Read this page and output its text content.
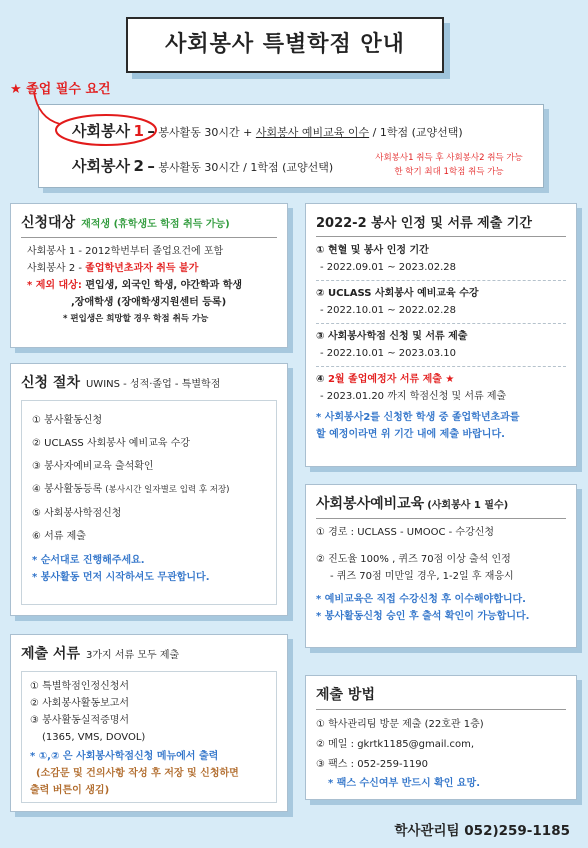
사회봉사 특별학점 안내
★ 졸업 필수 요건
사회봉사 1 – 봉사활동 30시간 + 사회봉사 예비교육 이수 / 1학점 (교양선택)
사회봉사 2 – 봉사활동 30시간 / 1학점 (교양선택)
사회봉사1 취득 후 사회봉사2 취득 가능
한 학기 최대 1학점 취득 가능
신청대상 재적생 (휴학생도 학점 취득 가능)
사회봉사 1 - 2012학번부터 졸업요건에 포함
사회봉사 2 - 졸업학년초과자 취득 불가
* 제외 대상: 편입생, 외국인 학생, 야간학과 학생
,장애학생 (장애학생지원센터 등록)
* 편입생은 희망할 경우 학점 취득 가능
신청 절차 UWINS - 성적·졸업 - 특별학점
① 봉사활동신청
② UCLASS 사회봉사 예비교육 수강
③ 봉사자예비교육 출석확인
④ 봉사활동등록 (봉사시간 일자별로 입력 후 저장)
⑤ 사회봉사학점신청
⑥ 서류 제출
* 순서대로 진행해주세요.
* 봉사활동 먼저 시작하셔도 무관합니다.
제출 서류 3가지 서류 모두 제출
① 특별학점인정신청서
② 사회봉사활동보고서
③ 봉사활동실적증명서
(1365, VMS, DOVOL)
* ①,② 은 사회봉사학점신청 메뉴에서 출력
(소감문 및 건의사항 작성 후 저장 및 신청하면
출력 버튼이 생김)
2022-2 봉사 인정 및 서류 제출 기간
① 현혈 및 봉사 인정 기간
- 2022.09.01 ~ 2023.02.28
② UCLASS 사회봉사 예비교육 수강
- 2022.10.01 ~ 2022.02.28
③ 사회봉사학점 신청 및 서류 제출
- 2022.10.01 ~ 2023.03.10
④ 2월 졸업예정자 서류 제출 ★
- 2023.01.20 까지 학점신청 및 서류 제출
* 사회봉사2를 신청한 학생 중 졸업학년초과를
할 예정이라면 위 기간 내에 제출 바랍니다.
사회봉사예비교육 (사회봉사 1 필수)
① 경로 : UCLASS - UMOOC - 수강신청
② 진도율 100% , 퀴즈 70점 이상 출석 인정
- 퀴즈 70점 미만일 경우, 1-2일 후 재응시
* 예비교육은 직접 수강신청 후 이수해야합니다.
* 봉사활동신청 승인 후 출석 확인이 가능합니다.
제출 방법
① 학사관리팀 방문 제출 (22호관 1층)
② 메일 : gkrtk1185@gmail.com,
③ 팩스 : 052-259-1190
* 팩스 수신여부 반드시 확인 요망.
학사관리팀 052)259-1185
